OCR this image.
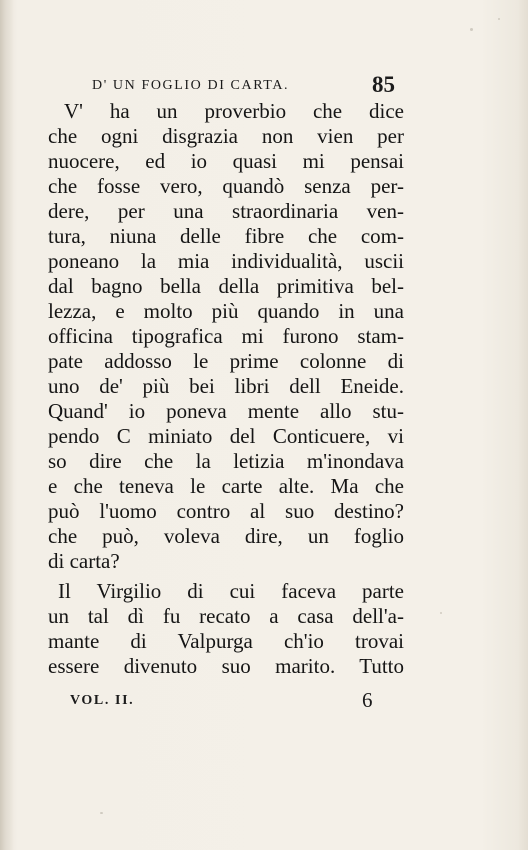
D' UN FOGLIO DI CARTA.	85
V' ha un proverbio che dice
che ogni disgrazia non vien per
nuocere, ed io quasi mi pensai
che fosse vero, quandò senza per-
dere, per una straordinaria ven-
tura, niuna delle fibre che com-
poneano la mia individualità, uscii
dal bagno bella della primitiva bel-
lezza, e molto più quando in una
officina tipografica mi furono stam-
pate addosso le prime colonne di
uno de' più bei libri dell Eneide.
Quand' io poneva mente allo stu-
pendo C miniato del Conticuere, vi
so dire che la letizia m'inondava
e che teneva le carte alte. Ma che
può l'uomo contro al suo destino?
che può, voleva dire, un foglio
di carta?
Il Virgilio di cui faceva parte
un tal dì fu recato a casa dell'a-
mante di Valpurga ch'io trovai
essere divenuto suo marito. Tutto
VOL. II.	6
